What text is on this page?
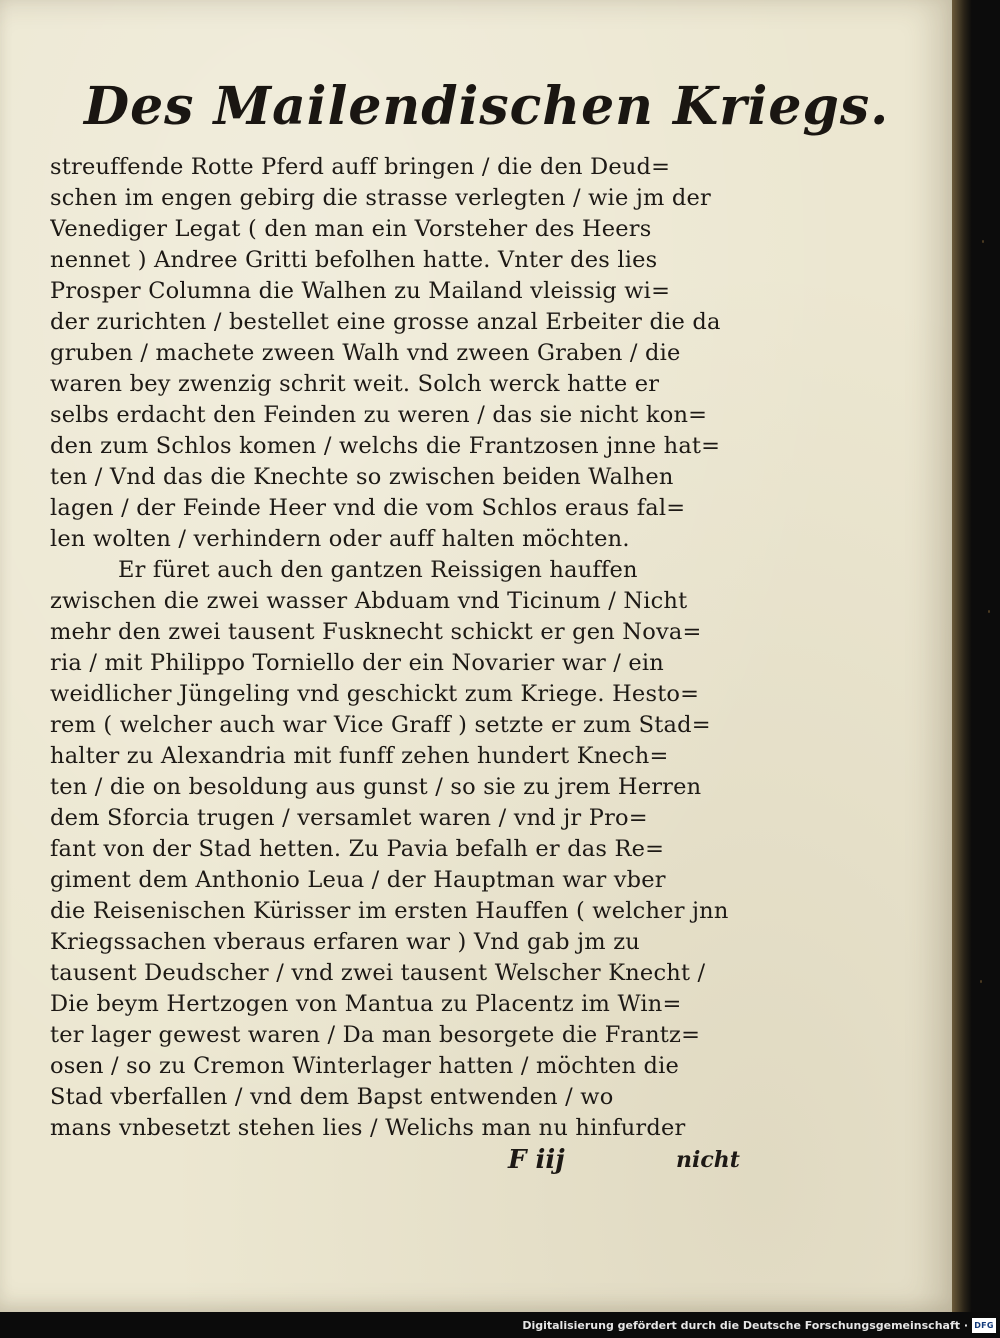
Des Mailendischen Kriegs.
streuffende Rotte Pferd auff bringen / die den Deud=
schen im engen gebirg die strasse verlegten / wie jm der
Venediger Legat ( den man ein Vorsteher des Heers
nennet ) Andree Gritti befolhen hatte. Vnter des lies
Prosper Columna die Walhen zu Mailand vleissig wi=
der zurichten / bestellet eine grosse anzal Erbeiter die da
gruben / machete zween Walh vnd zween Graben / die
waren bey zwenzig schrit weit. Solch werck hatte er
selbs erdacht den Feinden zu weren / das sie nicht kon=
den zum Schlos komen / welchs die Frantzosen jnne hat=
ten / Vnd das die Knechte so zwischen beiden Walhen
lagen / der Feinde Heer vnd die vom Schlos eraus fal=
len wolten / verhindern oder auff halten möchten.
Er füret auch den gantzen Reissigen hauffen
zwischen die zwei wasser Abduam vnd Ticinum / Nicht
mehr den zwei tausent Fusknecht schickt er gen Nova=
ria / mit Philippo Torniello der ein Novarier war / ein
weidlicher Jüngeling vnd geschickt zum Kriege. Hesto=
rem ( welcher auch war Vice Graff ) setzte er zum Stad=
halter zu Alexandria mit funff zehen hundert Knech=
ten / die on besoldung aus gunst / so sie zu jrem Herren
dem Sforcia trugen / versamlet waren / vnd jr Pro=
fant von der Stad hetten. Zu Pavia befalh er das Re=
giment dem Anthonio Leua / der Hauptman war vber
die Reisenischen Kürisser im ersten Hauffen ( welcher jnn
Kriegssachen vberaus erfaren war ) Vnd gab jm zu
tausent Deudscher / vnd zwei tausent Welscher Knecht /
Die beym Hertzogen von Mantua zu Placentz im Win=
ter lager gewest waren / Da man besorgete die Frantz=
osen / so zu Cremon Winterlager hatten / möchten die
Stad vberfallen / vnd dem Bapst entwenden / wo
mans vnbesetzt stehen lies / Welichs man nu hinfurder
F iij	nicht
Digitalisierung gefördert durch die Deutsche Forschungsgemeinschaft · DFG
